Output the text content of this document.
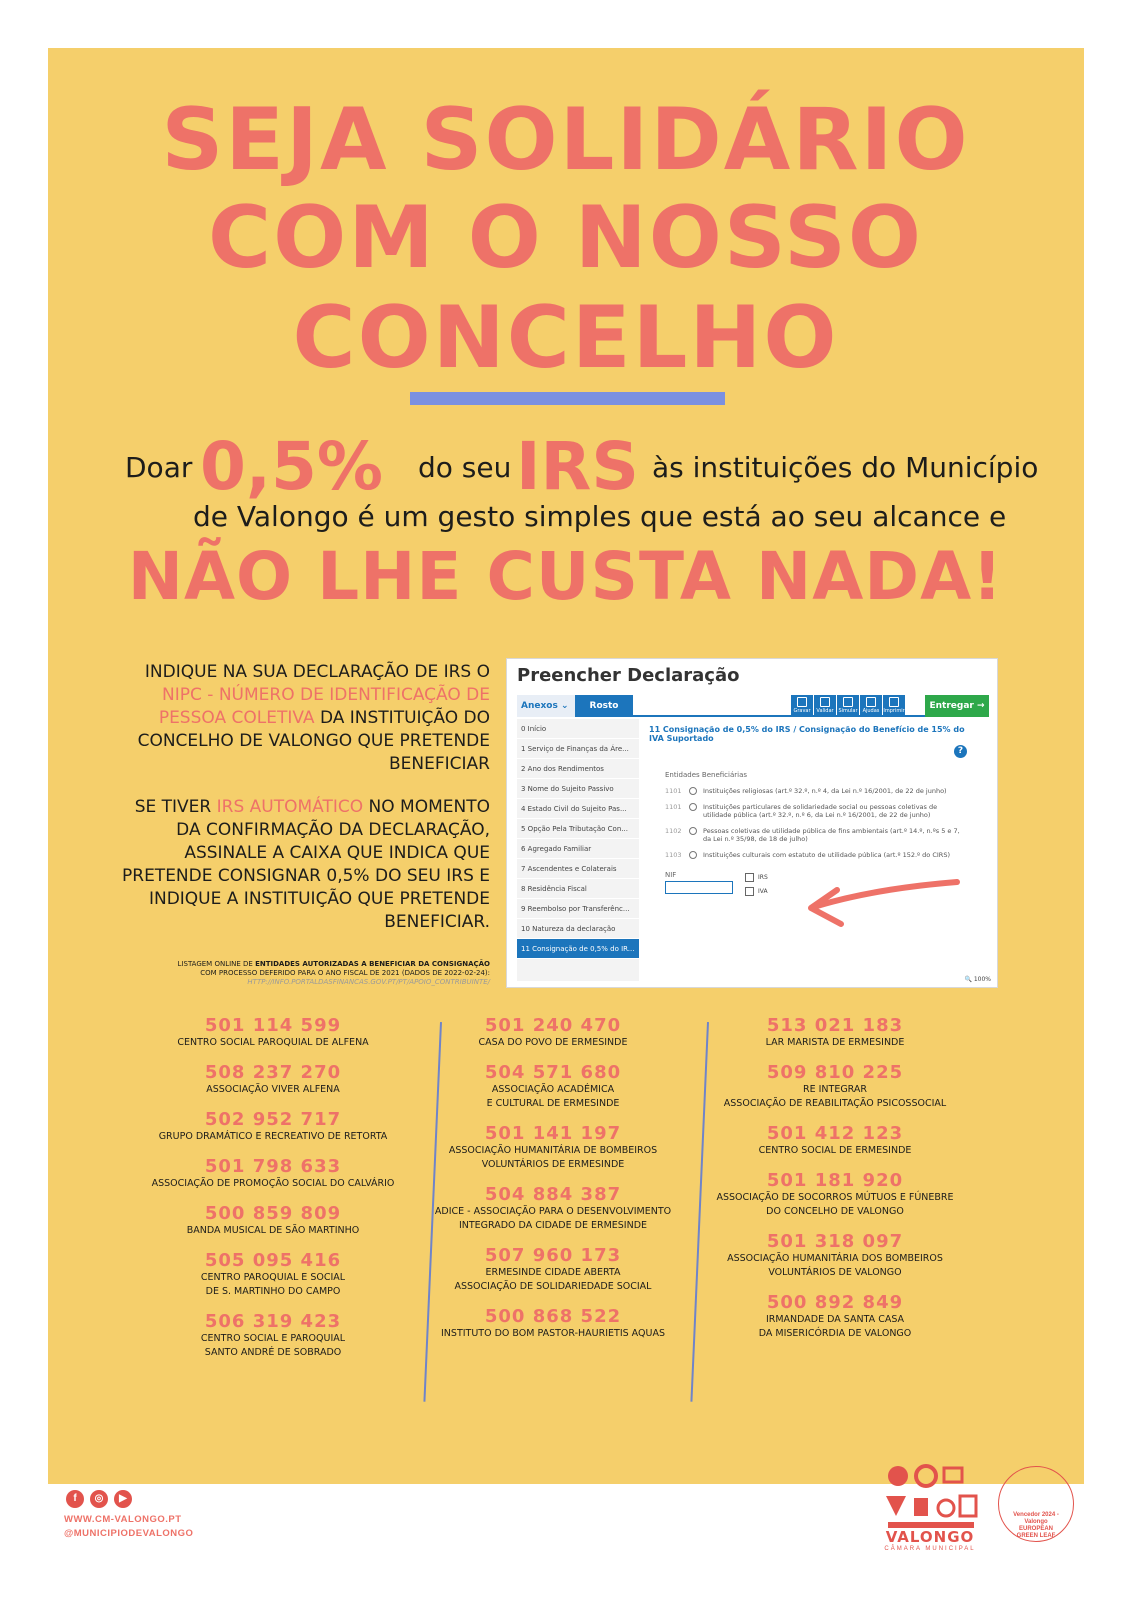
SEJA SOLIDÁRIO
COM O NOSSO
CONCELHO
Doar 0,5% do seu IRS às instituições do Município
de Valongo é um gesto simples que está ao seu alcance e
NÃO LHE CUSTA NADA!
INDIQUE NA SUA DECLARAÇÃO DE IRS O NIPC - NÚMERO DE IDENTIFICAÇÃO DE PESSOA COLETIVA DA INSTITUIÇÃO DO CONCELHO DE VALONGO QUE PRETENDE BENEFICIAR
SE TIVER IRS AUTOMÁTICO NO MOMENTO DA CONFIRMAÇÃO DA DECLARAÇÃO, ASSINALE A CAIXA QUE INDICA QUE PRETENDE CONSIGNAR 0,5% DO SEU IRS E INDIQUE A INSTITUIÇÃO QUE PRETENDE BENEFICIAR.
LISTAGEM ONLINE DE ENTIDADES AUTORIZADAS A BENEFICIAR DA CONSIGNAÇÃO COM PROCESSO DEFERIDO PARA O ANO FISCAL DE 2021 (DADOS DE 2022-02-24):
HTTP://INFO.PORTALDASFINANCAS.GOV.PT/PT/APOIO_CONTRIBUINTE/
Preencher Declaração
Anexos ⌄	Rosto	Gravar	Validar Simular	Ajudas Imprimir	Entregar →
0 Início
1 Serviço de Finanças da Áre...
2 Ano dos Rendimentos
3 Nome do Sujeito Passivo
4 Estado Civil do Sujeito Pas...
5 Opção Pela Tributação Con...
6 Agregado Familiar
7 Ascendentes e Colaterais
8 Residência Fiscal
9 Reembolso por Transferênc...
10 Natureza da declaração
11 Consignação de 0,5% do IR...
11 Consignação de 0,5% do IRS / Consignação do Benefício de 15% do IVA Suportado
?
Entidades Beneficiárias
1101	Instituições religiosas (art.º 32.º, n.º 4, da Lei n.º 16/2001, de 22 de junho)
1101	Instituições particulares de solidariedade social ou pessoas coletivas de utilidade pública (art.º 32.º, n.º 6, da Lei n.º 16/2001, de 22 de junho)
1102	Pessoas coletivas de utilidade pública de fins ambientais (art.º 14.º, n.ºs 5 e 7, da Lei n.º 35/98, de 18 de julho)
1103	Instituições culturais com estatuto de utilidade pública (art.º 152.º do CIRS)
NIF	IRS
IVA
🔍 100%
501 114 599
CENTRO SOCIAL PAROQUIAL DE ALFENA
508 237 270
ASSOCIAÇÃO VIVER ALFENA
502 952 717
GRUPO DRAMÁTICO E RECREATIVO DE RETORTA
501 798 633
ASSOCIAÇÃO DE PROMOÇÃO SOCIAL DO CALVÁRIO
500 859 809
BANDA MUSICAL DE SÃO MARTINHO
505 095 416
CENTRO PAROQUIAL E SOCIAL
DE S. MARTINHO DO CAMPO
506 319 423
CENTRO SOCIAL E PAROQUIAL
SANTO ANDRÉ DE SOBRADO
501 240 470
CASA DO POVO DE ERMESINDE
504 571 680
ASSOCIAÇÃO ACADÉMICA
E CULTURAL DE ERMESINDE
501 141 197
ASSOCIAÇÃO HUMANITÁRIA DE BOMBEIROS
VOLUNTÁRIOS DE ERMESINDE
504 884 387
ADICE - ASSOCIAÇÃO PARA O DESENVOLVIMENTO
INTEGRADO DA CIDADE DE ERMESINDE
507 960 173
ERMESINDE CIDADE ABERTA
ASSOCIAÇÃO DE SOLIDARIEDADE SOCIAL
500 868 522
INSTITUTO DO BOM PASTOR-HAURIETIS AQUAS
513 021 183
LAR MARISTA DE ERMESINDE
509 810 225
RE INTEGRAR
ASSOCIAÇÃO DE REABILITAÇÃO PSICOSSOCIAL
501 412 123
CENTRO SOCIAL DE ERMESINDE
501 181 920
ASSOCIAÇÃO DE SOCORROS MÚTUOS E FÚNEBRE
DO CONCELHO DE VALONGO
501 318 097
ASSOCIAÇÃO HUMANITÁRIA DOS BOMBEIROS
VOLUNTÁRIOS DE VALONGO
500 892 849
IRMANDADE DA SANTA CASA
DA MISERICÓRDIA DE VALONGO
f	◎	▶
WWW.CM-VALONGO.PT
@MUNICIPIODEVALONGO	VALONGO
CÂMARA MUNICIPAL
Vencedor 2024 - Valongo
EUROPEAN GREEN LEAF
